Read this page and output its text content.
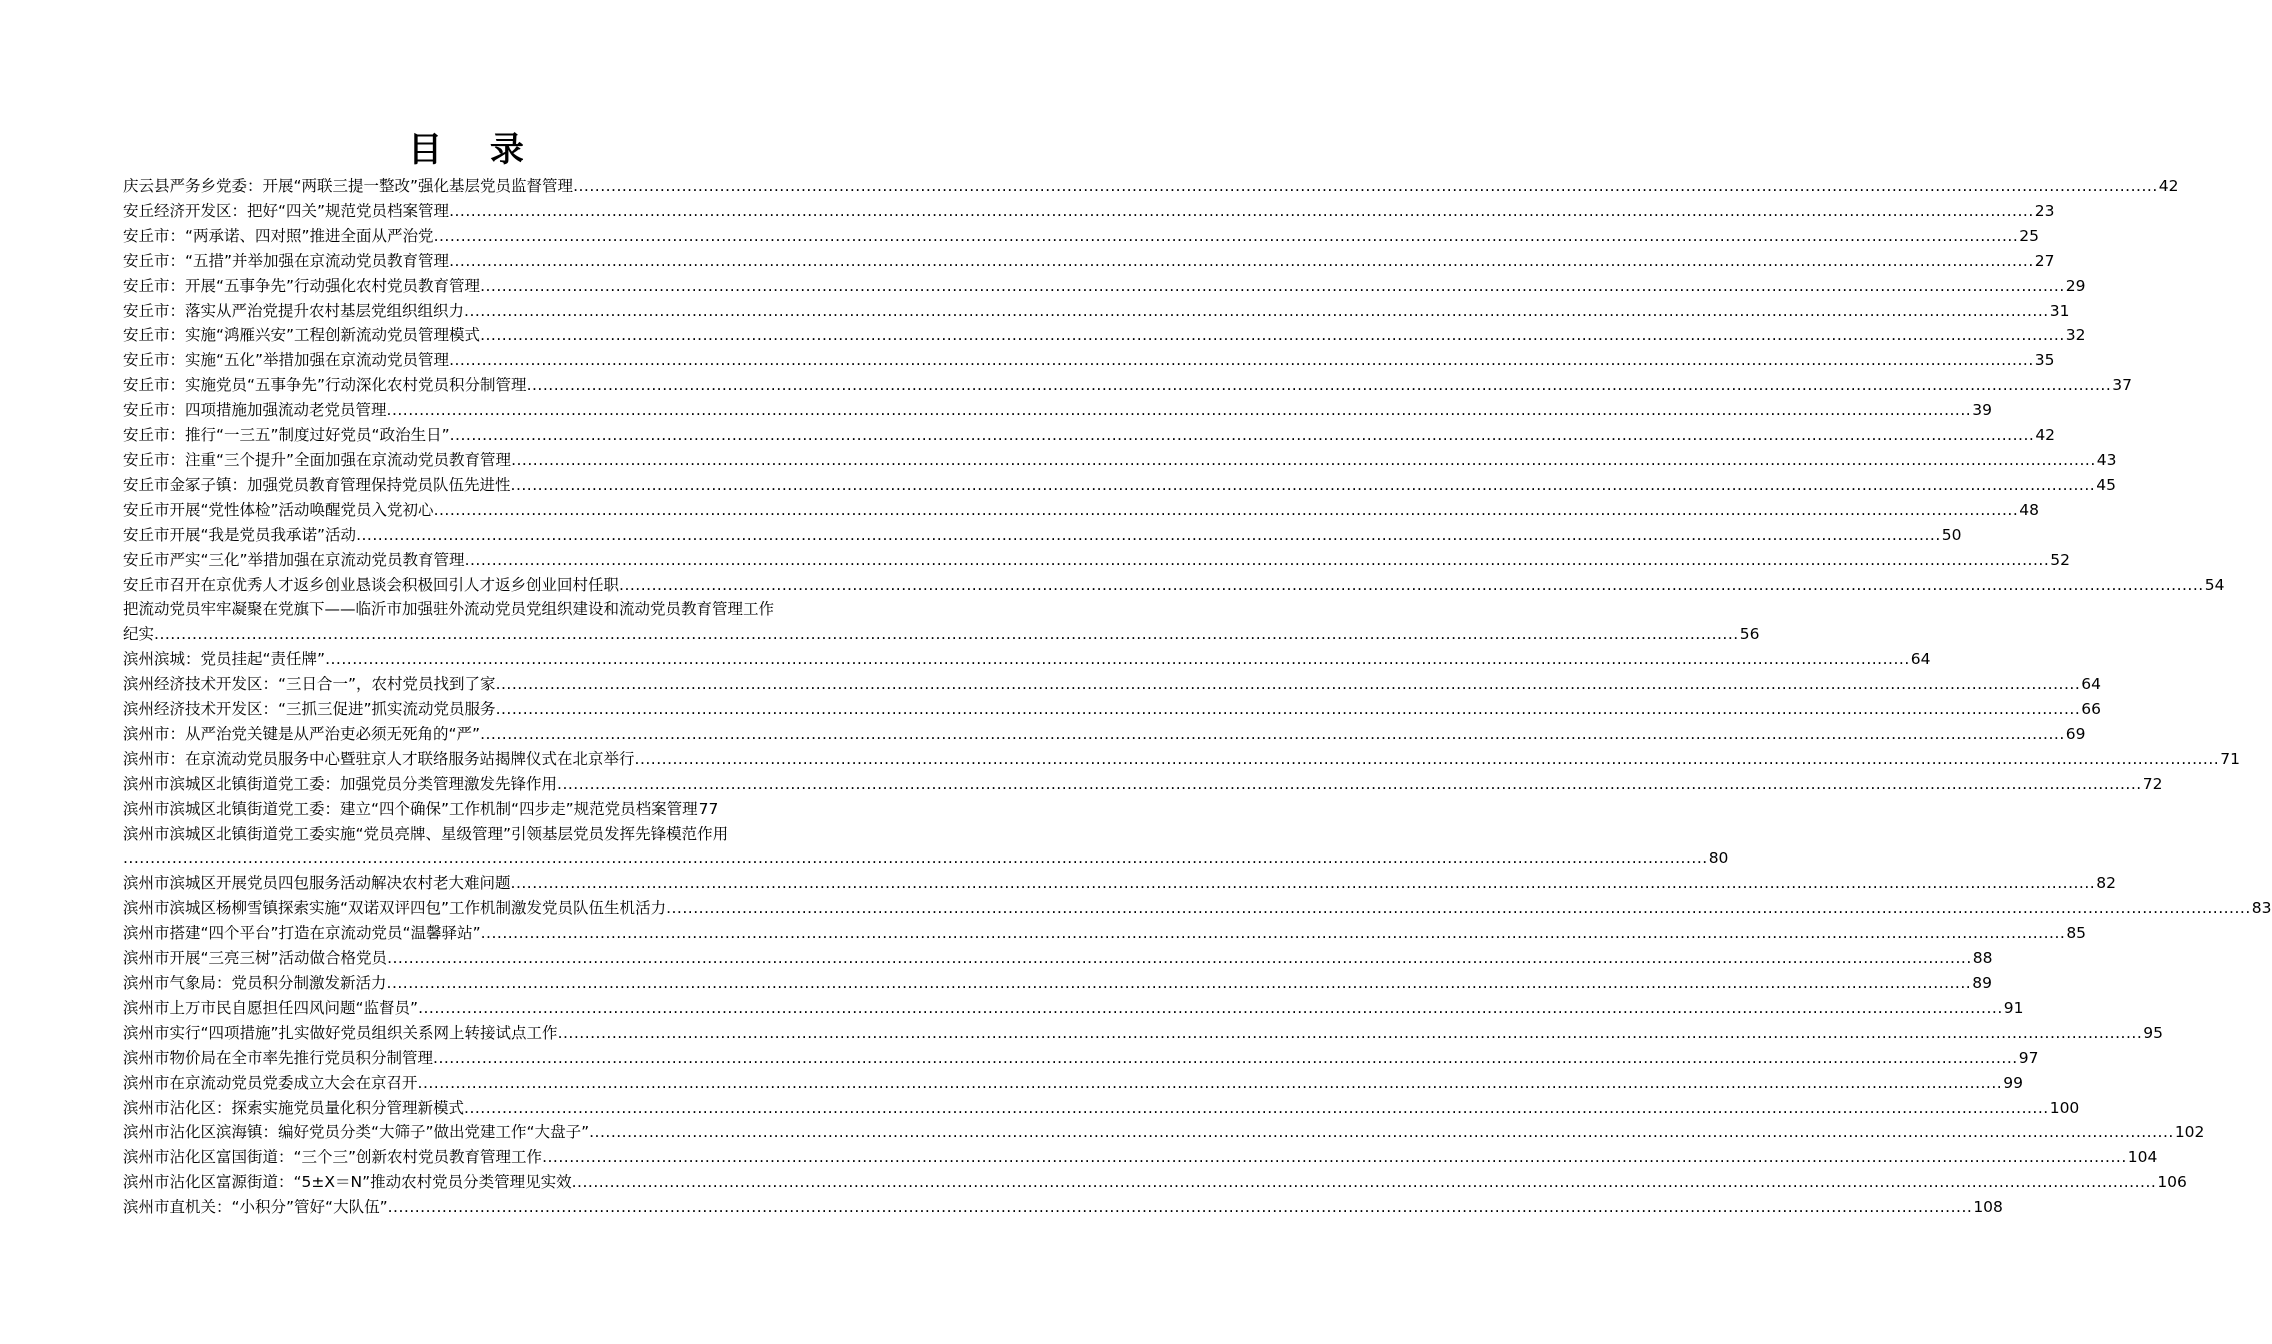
目 录
庆云县严务乡党委：开展“两联三提一整改”强化基层党员监督管理 .....	42
安丘经济开发区：把好“四关”规范党员档案管理 .....	23
安丘市：“两承诺、四对照”推进全面从严治党 .....	25
安丘市：“五措”并举加强在京流动党员教育管理 .....	27
安丘市：开展“五事争先”行动强化农村党员教育管理 .....	29
安丘市：落实从严治党提升农村基层党组织组织力 .....	31
安丘市：实施“鸿雁兴安”工程创新流动党员管理模式 .....	32
安丘市：实施“五化”举措加强在京流动党员管理 .....	35
安丘市：实施党员“五事争先”行动深化农村党员积分制管理 .....	37
安丘市：四项措施加强流动老党员管理 .....	39
安丘市：推行“一三五”制度过好党员“政治生日” .....	42
安丘市：注重“三个提升”全面加强在京流动党员教育管理 .....	43
安丘市金冢子镇：加强党员教育管理保持党员队伍先进性 .....	45
安丘市开展“党性体检”活动唤醒党员入党初心 .....	48
安丘市开展“我是党员我承诺”活动 .....	50
安丘市严实“三化”举措加强在京流动党员教育管理 .....	52
安丘市召开在京优秀人才返乡创业恳谈会积极回引人才返乡创业回村任职 .....	54
把流动党员牢牢凝聚在党旗下——临沂市加强驻外流动党员党组织建设和流动党员教育管理工作
纪实 .....	56
滨州滨城：党员挂起“责任牌” .....	64
滨州经济技术开发区：“三日合一”，农村党员找到了家 .....	64
滨州经济技术开发区：“三抓三促进”抓实流动党员服务 .....	66
滨州市：从严治党关键是从严治吏必须无死角的“严” .....	69
滨州市：在京流动党员服务中心暨驻京人才联络服务站揭牌仪式在北京举行 .....	71
滨州市滨城区北镇街道党工委：加强党员分类管理激发先锋作用 .....	72
滨州市滨城区北镇街道党工委：建立“四个确保”工作机制“四步走”规范党员档案管理 77
滨州市滨城区北镇街道党工委实施“党员亮牌、星级管理”引领基层党员发挥先锋模范作用
.....
80
滨州市滨城区开展党员四包服务活动解决农村老大难问题 .....	82
滨州市滨城区杨柳雪镇探索实施“双诺双评四包”工作机制激发党员队伍生机活力 .....	83
滨州市搭建“四个平台”打造在京流动党员“温馨驿站” .....	85
滨州市开展“三亮三树”活动做合格党员 .....	88
滨州市气象局：党员积分制激发新活力 .....	89
滨州市上万市民自愿担任四风问题“监督员” .....	91
滨州市实行“四项措施”扎实做好党员组织关系网上转接试点工作 .....	95
滨州市物价局在全市率先推行党员积分制管理 .....	97
滨州市在京流动党员党委成立大会在京召开 .....	99
滨州市沾化区：探索实施党员量化积分管理新模式 .....	100
滨州市沾化区滨海镇：编好党员分类“大筛子”做出党建工作“大盘子” .....	102
滨州市沾化区富国街道：“三个三”创新农村党员教育管理工作 .....	104
滨州市沾化区富源街道：“5±X＝N”推动农村党员分类管理见实效 .....	106
滨州市直机关：“小积分”管好“大队伍” .....	108
